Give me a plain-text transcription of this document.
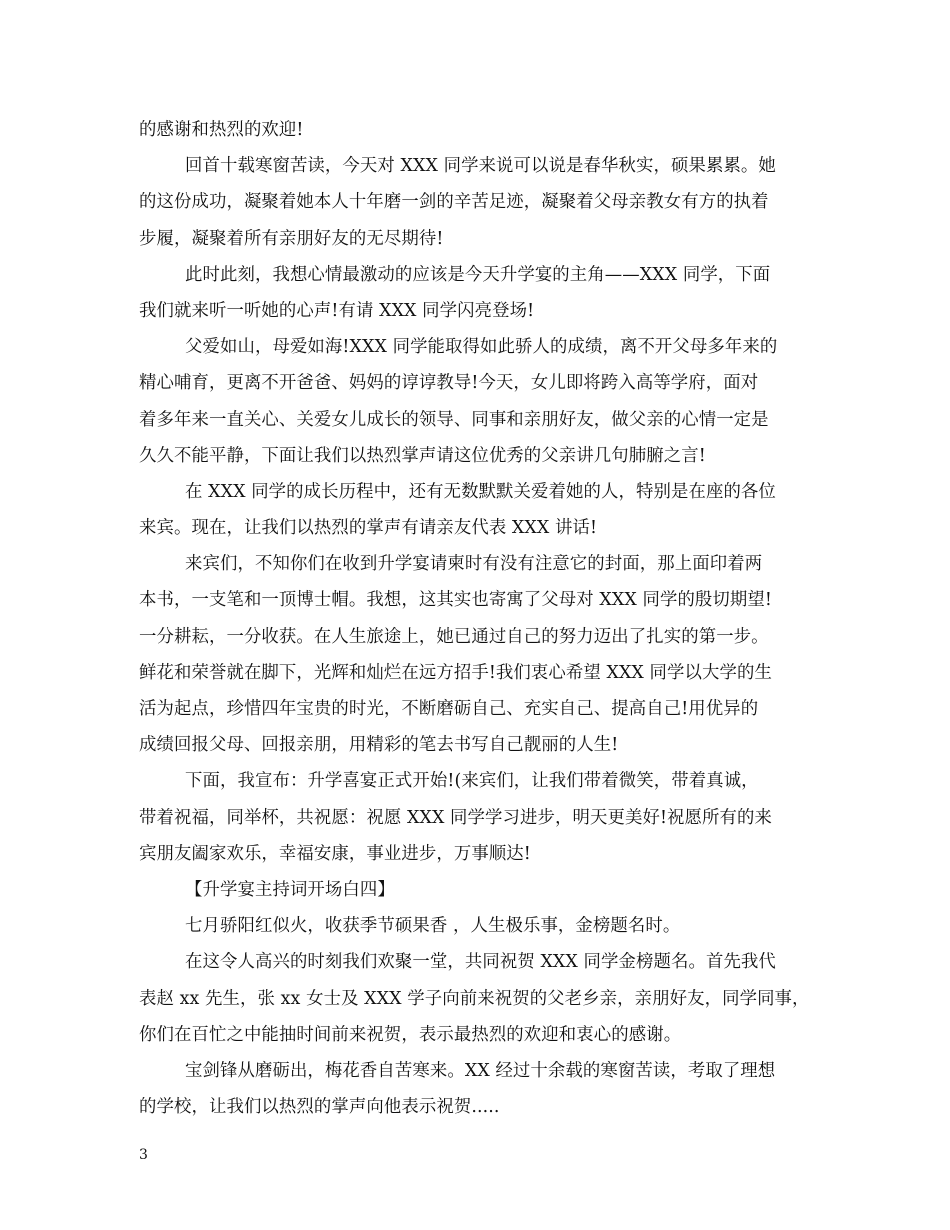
的感谢和热烈的欢迎!
回首十载寒窗苦读，今天对 XXX 同学来说可以说是春华秋实，硕果累累。她
的这份成功，凝聚着她本人十年磨一剑的辛苦足迹，凝聚着父母亲教女有方的执着
步履，凝聚着所有亲朋好友的无尽期待!
此时此刻，我想心情最激动的应该是今天升学宴的主角——XXX 同学，下面
我们就来听一听她的心声!有请 XXX 同学闪亮登场!
父爱如山，母爱如海!XXX 同学能取得如此骄人的成绩，离不开父母多年来的
精心哺育，更离不开爸爸、妈妈的谆谆教导!今天，女儿即将跨入高等学府，面对
着多年来一直关心、关爱女儿成长的领导、同事和亲朋好友，做父亲的心情一定是
久久不能平静，下面让我们以热烈掌声请这位优秀的父亲讲几句肺腑之言!
在 XXX 同学的成长历程中，还有无数默默关爱着她的人，特别是在座的各位
来宾。现在，让我们以热烈的掌声有请亲友代表 XXX 讲话!
来宾们，不知你们在收到升学宴请柬时有没有注意它的封面，那上面印着两
本书，一支笔和一顶博士帽。我想，这其实也寄寓了父母对 XXX 同学的殷切期望!
一分耕耘，一分收获。在人生旅途上，她已通过自己的努力迈出了扎实的第一步。
鲜花和荣誉就在脚下，光辉和灿烂在远方招手!我们衷心希望 XXX 同学以大学的生
活为起点，珍惜四年宝贵的时光，不断磨砺自己、充实自己、提高自己!用优异的
成绩回报父母、回报亲朋，用精彩的笔去书写自己靓丽的人生!
下面，我宣布：升学喜宴正式开始!(来宾们，让我们带着微笑，带着真诚，
带着祝福，同举杯，共祝愿：祝愿 XXX 同学学习进步，明天更美好!祝愿所有的来
宾朋友阖家欢乐，幸福安康，事业进步，万事顺达!
【升学宴主持词开场白四】
七月骄阳红似火，收获季节硕果香 ，人生极乐事，金榜题名时。
在这令人高兴的时刻我们欢聚一堂，共同祝贺 XXX 同学金榜题名。首先我代
表赵 xx 先生，张 xx 女士及 XXX 学子向前来祝贺的父老乡亲，亲朋好友，同学同事，
你们在百忙之中能抽时间前来祝贺，表示最热烈的欢迎和衷心的感谢。
宝剑锋从磨砺出，梅花香自苦寒来。XX 经过十余载的寒窗苦读，考取了理想
的学校，让我们以热烈的掌声向他表示祝贺.....
3
